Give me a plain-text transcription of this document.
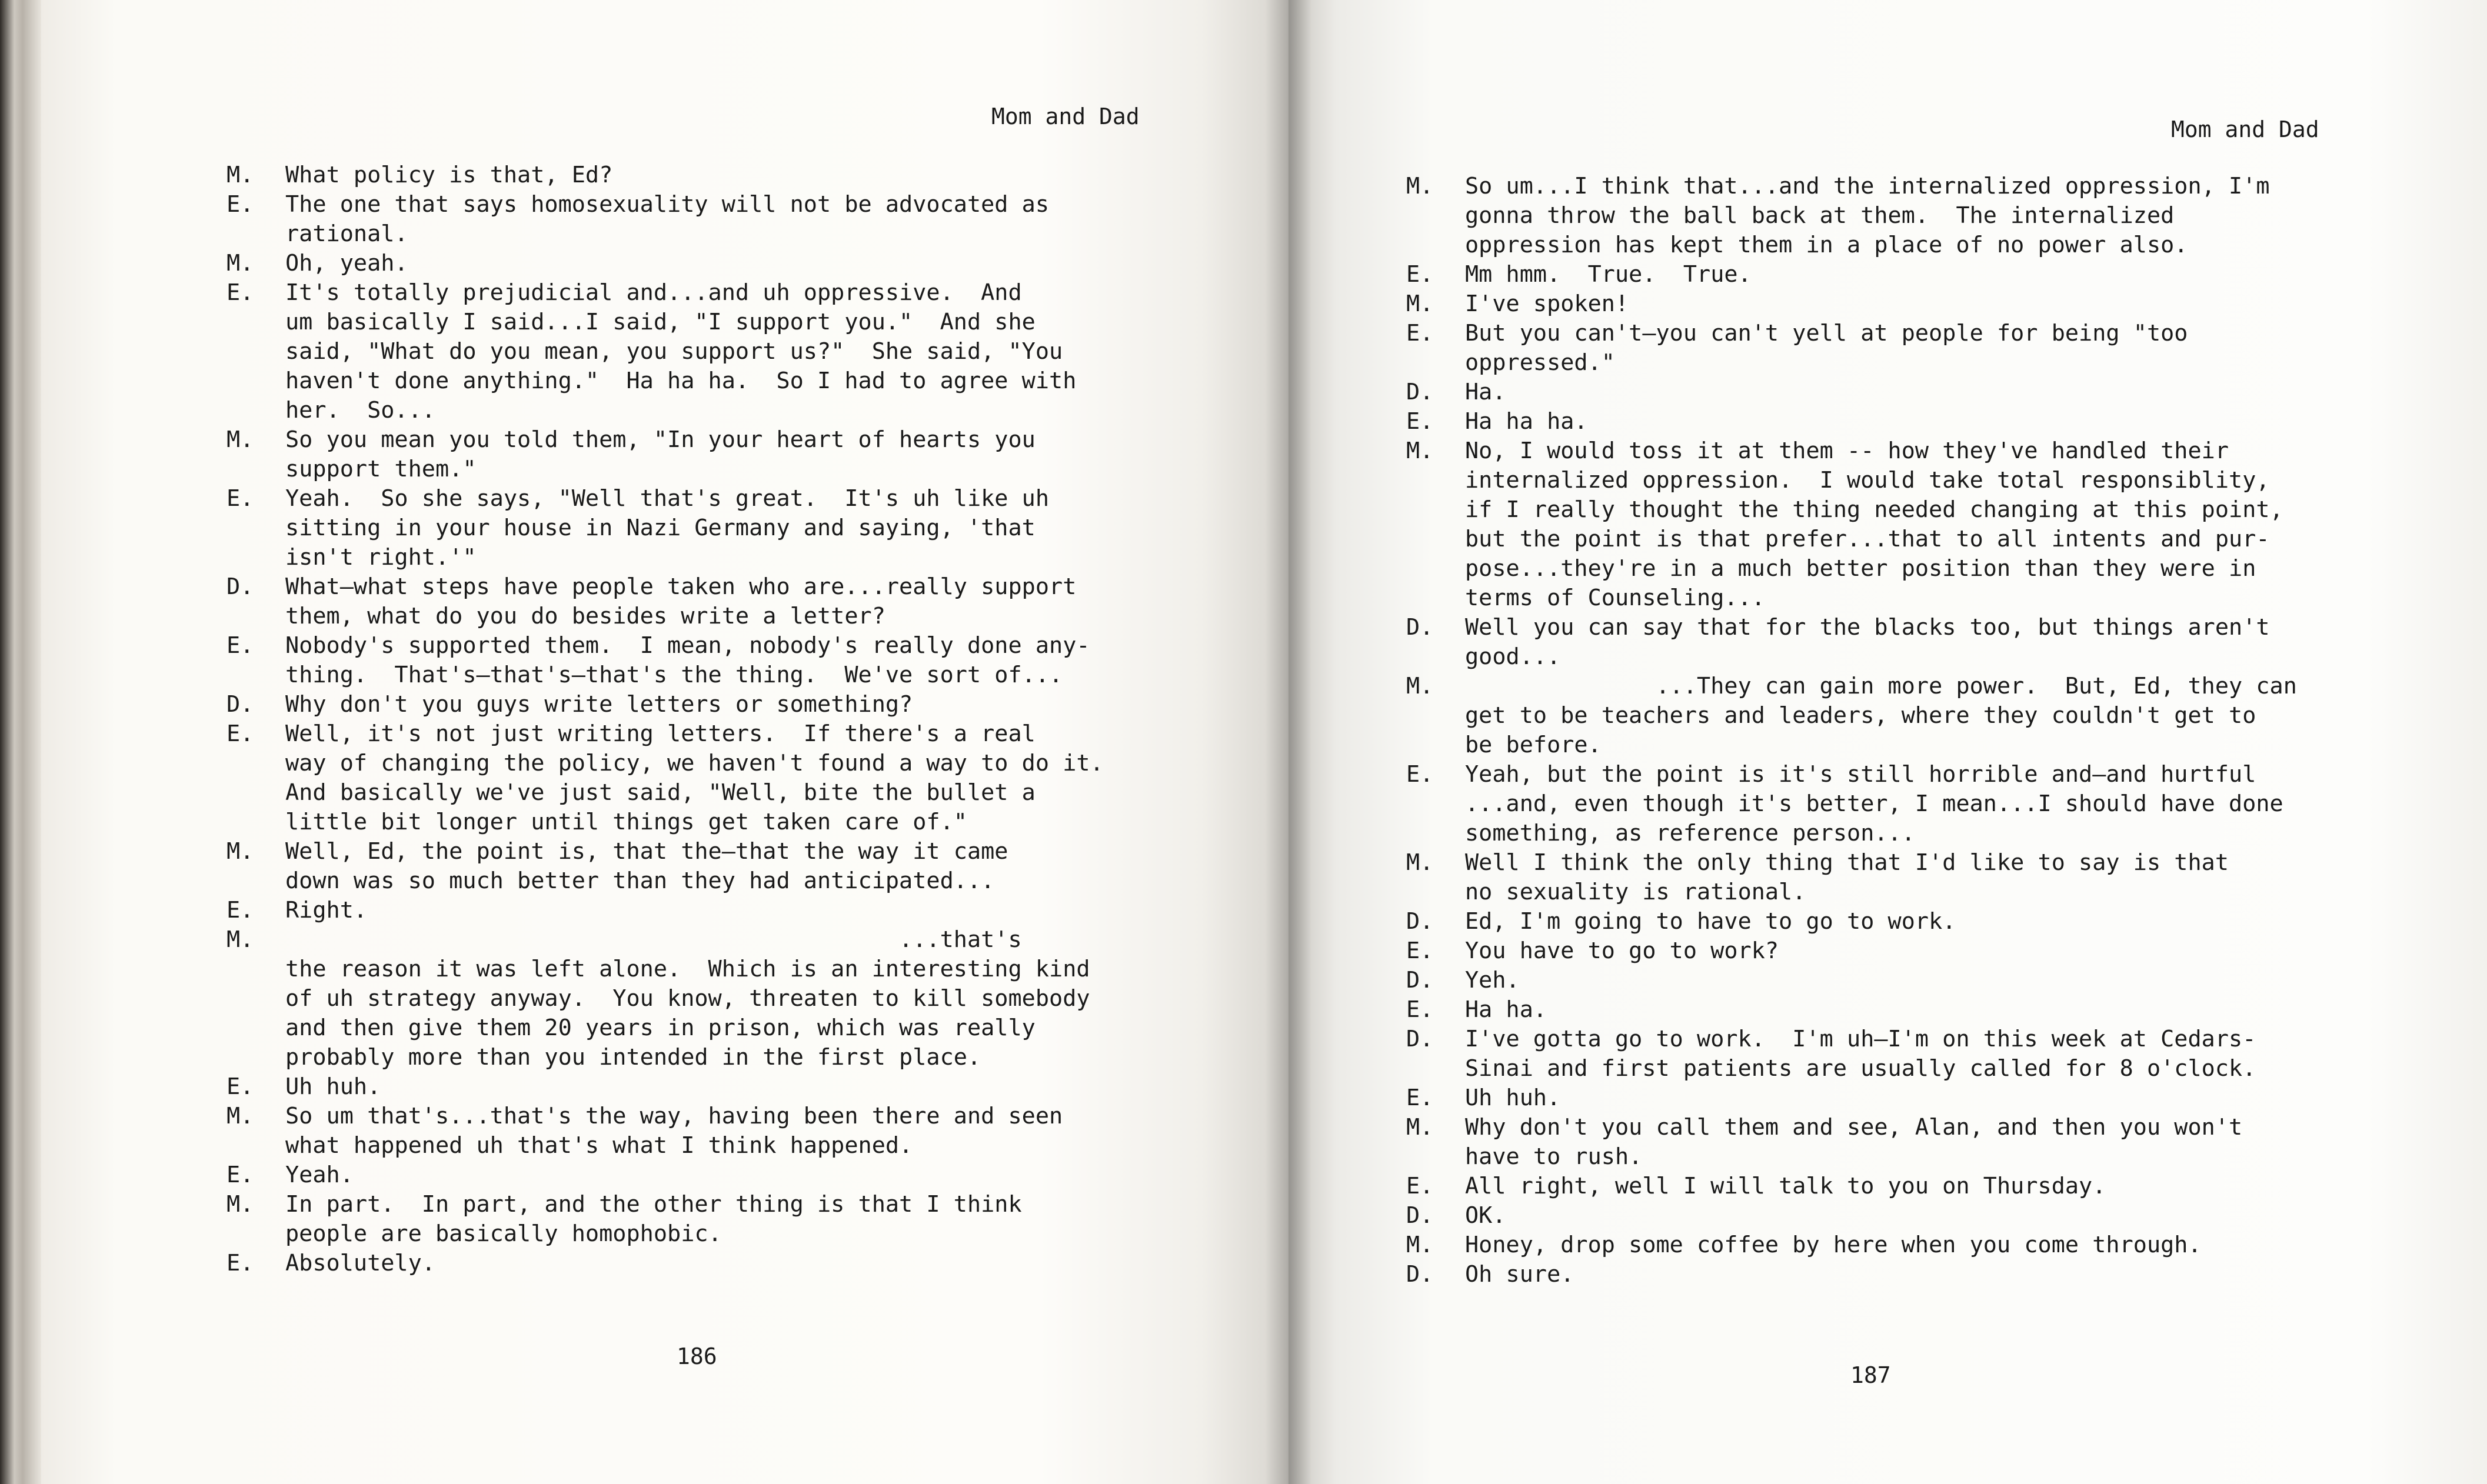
Mom and Dad
M. What policy is that, Ed?
E. The one that says homosexuality will not be advocated as
rational.
M. Oh, yeah.
E. It's totally prejudicial and...and uh oppressive.  And
um basically I said...I said, "I support you."  And she
said, "What do you mean, you support us?"  She said, "You
haven't done anything."  Ha ha ha.  So I had to agree with
her.  So...
M. So you mean you told them, "In your heart of hearts you
support them."
E. Yeah.  So she says, "Well that's great.  It's uh like uh
sitting in your house in Nazi Germany and saying, 'that
isn't right.'"
D. What—what steps have people taken who are...really support
them, what do you do besides write a letter?
E. Nobody's supported them.  I mean, nobody's really done any-
thing.  That's—that's—that's the thing.  We've sort of...
D. Why don't you guys write letters or something?
E. Well, it's not just writing letters.  If there's a real
way of changing the policy, we haven't found a way to do it.
And basically we've just said, "Well, bite the bullet a
little bit longer until things get taken care of."
M. Well, Ed, the point is, that the—that the way it came
down was so much better than they had anticipated...
E. Right.
M. ...that's
the reason it was left alone.  Which is an interesting kind
of uh strategy anyway.  You know, threaten to kill somebody
and then give them 20 years in prison, which was really
probably more than you intended in the first place.
E. Uh huh.
M. So um that's...that's the way, having been there and seen
what happened uh that's what I think happened.
E. Yeah.
M. In part.  In part, and the other thing is that I think
people are basically homophobic.
E. Absolutely.
186
Mom and Dad
M. So um...I think that...and the internalized oppression, I'm
gonna throw the ball back at them.  The internalized
oppression has kept them in a place of no power also.
E. Mm hmm.  True.  True.
M. I've spoken!
E. But you can't—you can't yell at people for being "too
oppressed."
D. Ha.
E. Ha ha ha.
M. No, I would toss it at them -- how they've handled their
internalized oppression.  I would take total responsiblity,
if I really thought the thing needed changing at this point,
but the point is that prefer...that to all intents and pur-
pose...they're in a much better position than they were in
terms of Counseling...
D. Well you can say that for the blacks too, but things aren't
good...
M. ...They can gain more power.  But, Ed, they can
get to be teachers and leaders, where they couldn't get to
be before.
E. Yeah, but the point is it's still horrible and—and hurtful
...and, even though it's better, I mean...I should have done
something, as reference person...
M. Well I think the only thing that I'd like to say is that
no sexuality is rational.
D. Ed, I'm going to have to go to work.
E. You have to go to work?
D. Yeh.
E. Ha ha.
D. I've gotta go to work.  I'm uh—I'm on this week at Cedars-
Sinai and first patients are usually called for 8 o'clock.
E. Uh huh.
M. Why don't you call them and see, Alan, and then you won't
have to rush.
E. All right, well I will talk to you on Thursday.
D. OK.
M. Honey, drop some coffee by here when you come through.
D. Oh sure.
187
